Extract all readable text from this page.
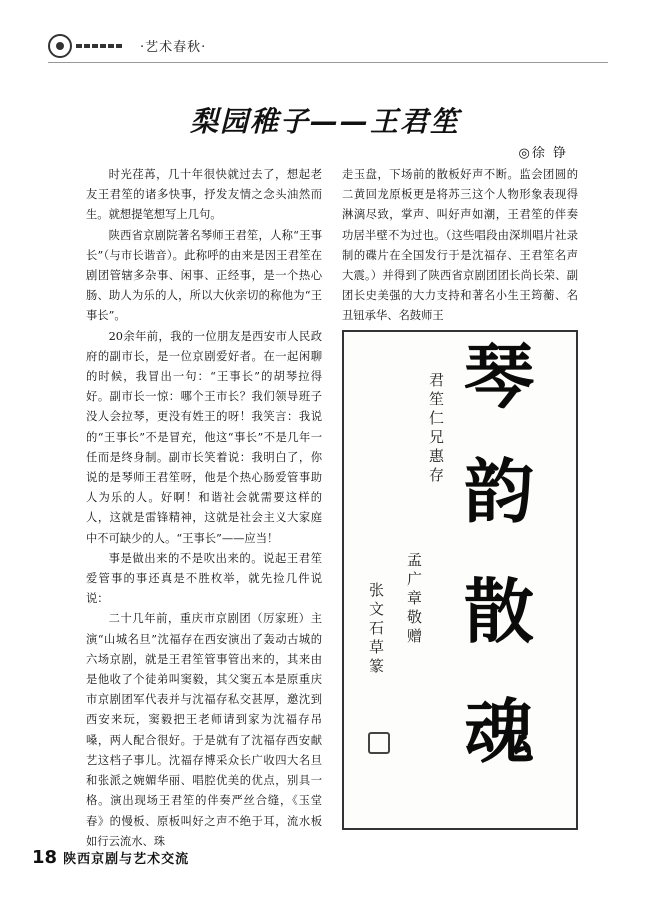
·艺术春秋·
梨园稚子——王君笙
◎徐 铮

时光荏苒，几十年很快就过去了，想起老友王君笙的诸多快事，抒发友情之念头油然而生。就想提笔想写上几句。

陕西省京剧院著名琴师王君笙，人称“王事长”（与市长谐音）。此称呼的由来是因王君笙在剧团管辖多杂事、闲事、正经事，是一个热心肠、助人为乐的人，所以大伙亲切的称他为“王事长”。

20余年前，我的一位朋友是西安市人民政府的副市长，是一位京剧爱好者。在一起闲聊的时候，我冒出一句：“王事长”的胡琴拉得好。副市长一惊：哪个王市长？我们领导班子没人会拉琴，更没有姓王的呀！我笑言：我说的“王事长”不是冒充，他这“事长”不是几年一任而是终身制。副市长笑着说：我明白了，你说的是琴师王君笙呀，他是个热心肠爱管事助人为乐的人。好啊！和谐社会就需要这样的人，这就是雷锋精神，这就是社会主义大家庭中不可缺少的人。“王事长”——应当！

事是做出来的不是吹出来的。说起王君笙爱管事的事还真是不胜枚举，就先捡几件说说：

二十几年前，重庆市京剧团（厉家班）主演“山城名旦”沈福存在西安演出了轰动古城的六场京剧，就是王君笙管事管出来的，其来由是他收了个徒弟叫窦毅，其父窦五本是原重庆市京剧团军代表并与沈福存私交甚厚，邀沈到西安来玩，窦毅把王老师请到家为沈福存吊嗓，两人配合很好。于是就有了沈福存西安献艺这档子事儿。沈福存博采众长广收四大名旦和张派之婉媚华丽、唱腔优美的优点，别具一格。演出现场王君笙的伴奏严丝合缝，《玉堂春》的慢板、原板叫好之声不绝于耳，流水板如行云流水、珠

走玉盘，下场前的散板好声不断。监会团圆的二黄回龙原板更是将苏三这个人物形象表现得淋漓尽致，掌声、叫好声如潮，王君笙的伴奏功居半壁不为过也。（这些唱段由深圳唱片社录制的碟片在全国发行于是沈福存、王君笙名声大震。）并得到了陕西省京剧团团长尚长荣、副团长史美强的大力支持和著名小生王筠蘅、名丑钮承华、名鼓师王

琴
韵
散
魂
君笙仁兄惠存
孟广章敬赠
张文石草篆
18 陕西京剧与艺术交流
